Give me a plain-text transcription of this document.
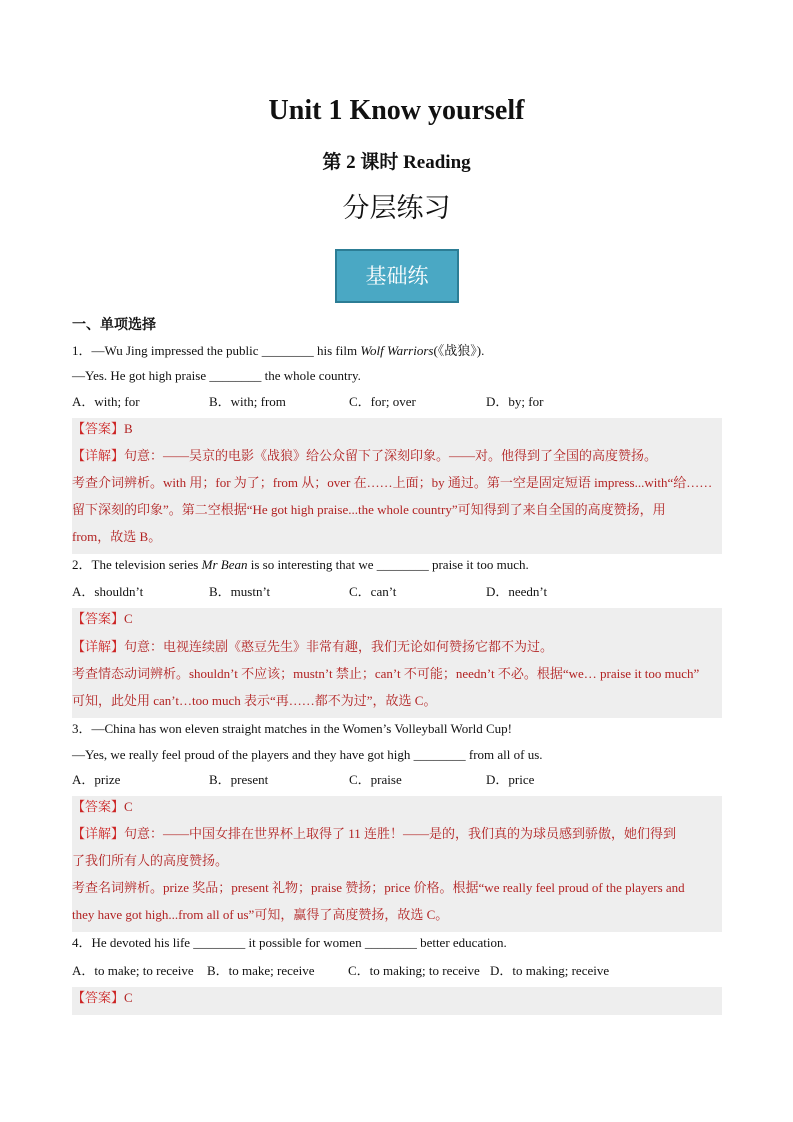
Unit 1 Know yourself
第 2 课时 Reading
分层练习
基础练
一、单项选择
1．—Wu Jing impressed the public ________ his film Wolf Warriors(《战狼》).
—Yes. He got high praise ________ the whole country.
A．with; for	B．with; from	C．for; over	D．by; for
【答案】B
【详解】句意：——吴京的电影《战狼》给公众留下了深刻印象。——对。他得到了全国的高度赞扬。
考查介词辨析。with 用；for 为了；from 从；over 在……上面；by 通过。第一空是固定短语 impress...with“给……
留下深刻的印象”。第二空根据“He got high praise...the whole country”可知得到了来自全国的高度赞扬，用
from，故选 B。
2．The television series Mr Bean is so interesting that we ________ praise it too much.
A．shouldn’t	B．mustn’t	C．can’t	D．needn’t
【答案】C
【详解】句意：电视连续剧《憨豆先生》非常有趣，我们无论如何赞扬它都不为过。
考查情态动词辨析。shouldn’t 不应该；mustn’t 禁止；can’t 不可能；needn’t 不必。根据“we… praise it too much”
可知，此处用 can’t…too much 表示“再……都不为过”，故选 C。
3．—China has won eleven straight matches in the Women’s Volleyball World Cup!
—Yes, we really feel proud of the players and they have got high ________ from all of us.
A．prize	B．present	C．praise	D．price
【答案】C
【详解】句意：——中国女排在世界杯上取得了 11 连胜！——是的，我们真的为球员感到骄傲，她们得到
了我们所有人的高度赞扬。
考查名词辨析。prize 奖品；present 礼物；praise 赞扬；price 价格。根据“we really feel proud of the players and
they have got high...from all of us”可知，赢得了高度赞扬，故选 C。
4．He devoted his life ________ it possible for women ________ better education.
A．to make; to receive B．to make; receive	C．to making; to receive D．to making; receive
【答案】C
